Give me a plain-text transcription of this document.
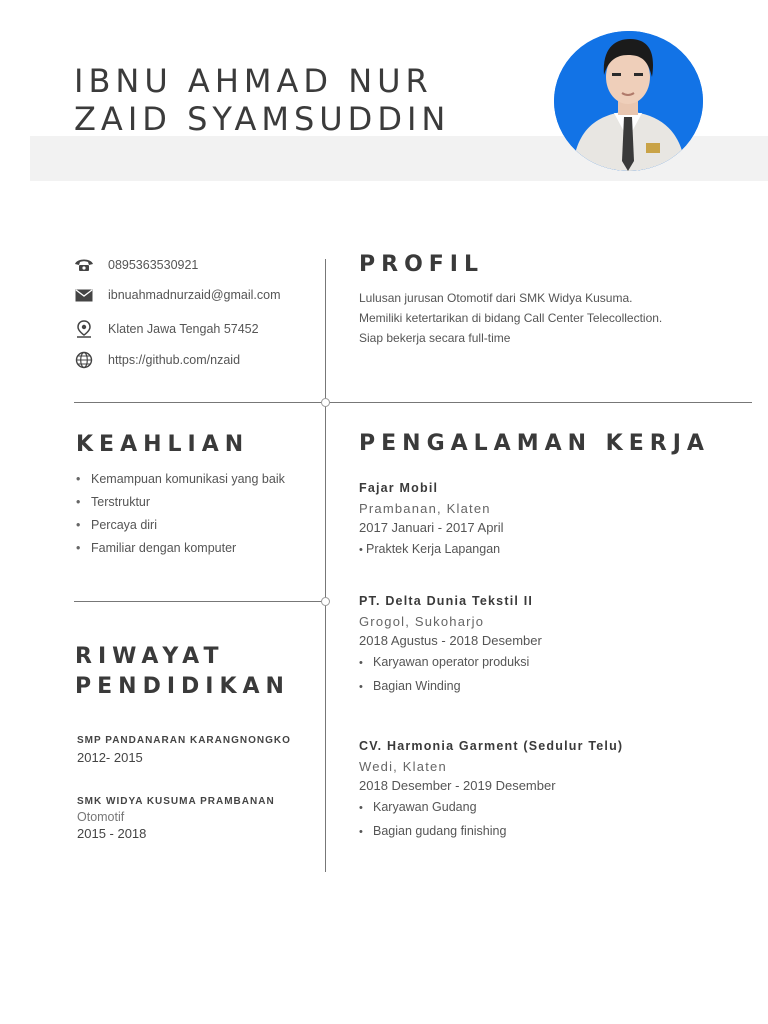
IBNU AHMAD NUR
ZAID SYAMSUDDIN
0895363530921
ibnuahmadnurzaid@gmail.com
Klaten Jawa Tengah 57452
https://github.com/nzaid
PROFIL
Lulusan jurusan Otomotif dari SMK Widya Kusuma.
Memiliki ketertarikan di bidang Call Center Telecollection.
Siap bekerja secara full-time
KEAHLIAN
• Kemampuan komunikasi yang baik
• Terstruktur
• Percaya diri
• Familiar dengan komputer
RIWAYAT
PENDIDIKAN
SMP PANDANARAN KARANGNONGKO
2012- 2015
SMK WIDYA KUSUMA PRAMBANAN
Otomotif
2015 - 2018
PENGALAMAN KERJA
Fajar Mobil
Prambanan, Klaten
2017 Januari - 2017 April
• Praktek Kerja Lapangan
PT. Delta Dunia Tekstil II
Grogol, Sukoharjo
2018 Agustus - 2018 Desember
• Karyawan operator produksi
• Bagian Winding
CV. Harmonia Garment (Sedulur Telu)
Wedi, Klaten
2018 Desember - 2019 Desember
• Karyawan Gudang
• Bagian gudang finishing
